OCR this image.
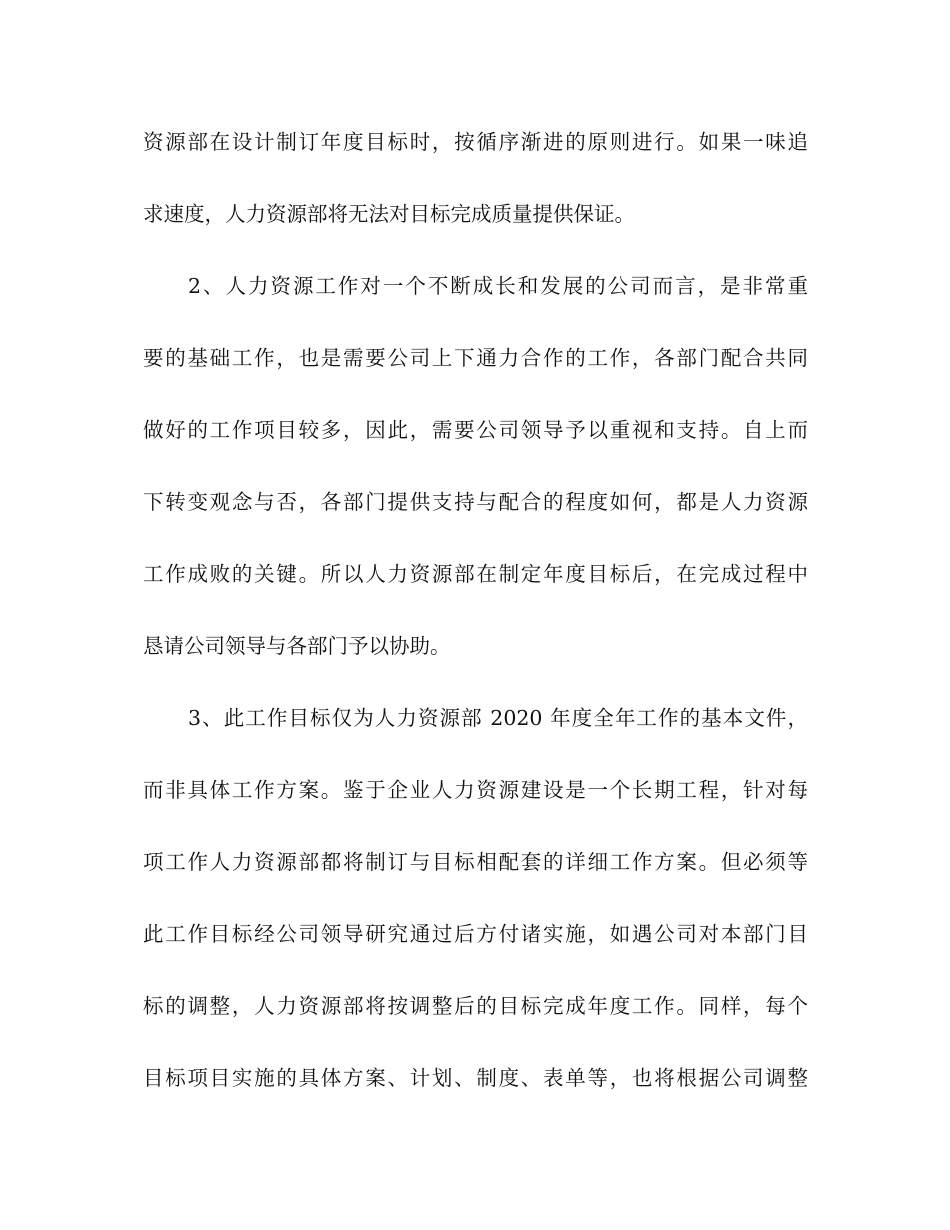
资源部在设计制订年度目标时，按循序渐进的原则进行。如果一味追
求速度，人力资源部将无法对目标完成质量提供保证。
2、人力资源工作对一个不断成长和发展的公司而言，是非常重
要的基础工作，也是需要公司上下通力合作的工作，各部门配合共同
做好的工作项目较多，因此，需要公司领导予以重视和支持。自上而
下转变观念与否，各部门提供支持与配合的程度如何，都是人力资源
工作成败的关键。所以人力资源部在制定年度目标后，在完成过程中
恳请公司领导与各部门予以协助。
3、此工作目标仅为人力资源部 2020 年度全年工作的基本文件，
而非具体工作方案。鉴于企业人力资源建设是一个长期工程，针对每
项工作人力资源部都将制订与目标相配套的详细工作方案。但必须等
此工作目标经公司领导研究通过后方付诸实施，如遇公司对本部门目
标的调整，人力资源部将按调整后的目标完成年度工作。同样，每个
目标项目实施的具体方案、计划、制度、表单等，也将根据公司调整
